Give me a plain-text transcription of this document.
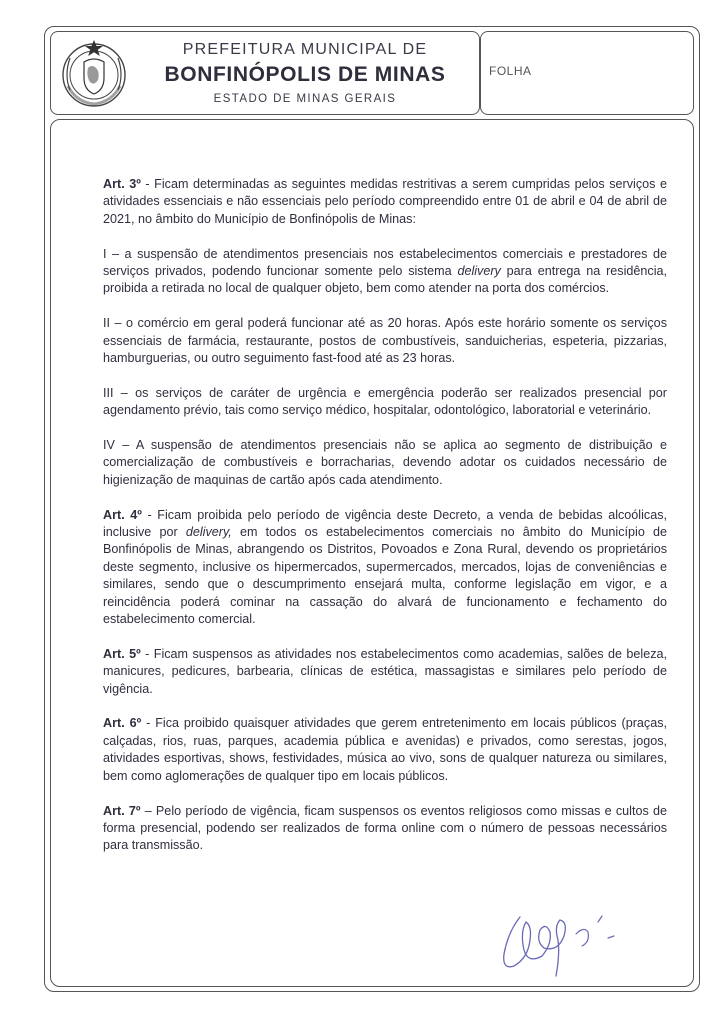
FOLHA
PREFEITURA MUNICIPAL DE
BONFINÓPOLIS DE MINAS
ESTADO DE MINAS GERAIS

Art. 3º - Ficam determinadas as seguintes medidas restritivas a serem cumpridas pelos serviços e atividades essenciais e não essenciais pelo período compreendido entre 01 de abril e 04 de abril de 2021, no âmbito do Município de Bonfinópolis de Minas:

I – a suspensão de atendimentos presenciais nos estabelecimentos comerciais e prestadores de serviços privados, podendo funcionar somente pelo sistema delivery para entrega na residência, proibida a retirada no local de qualquer objeto, bem como atender na porta dos comércios.

II – o comércio em geral poderá funcionar até as 20 horas. Após este horário somente os serviços essenciais de farmácia, restaurante, postos de combustíveis, sanduicherias, espeteria, pizzarias, hamburguerias, ou outro seguimento fast-food até as 23 horas.

III – os serviços de caráter de urgência e emergência poderão ser realizados presencial por agendamento prévio, tais como serviço médico, hospitalar, odontológico, laboratorial e veterinário.

IV – A suspensão de atendimentos presenciais não se aplica ao segmento de distribuição e comercialização de combustíveis e borracharias, devendo adotar os cuidados necessário de higienização de maquinas de cartão após cada atendimento.

Art. 4º - Ficam proibida pelo período de vigência deste Decreto, a venda de bebidas alcoólicas, inclusive por delivery, em todos os estabelecimentos comerciais no âmbito do Município de Bonfinópolis de Minas, abrangendo os Distritos, Povoados e Zona Rural, devendo os proprietários deste segmento, inclusive os hipermercados, supermercados, mercados, lojas de conveniências e similares, sendo que o descumprimento ensejará multa, conforme legislação em vigor, e a reincidência poderá cominar na cassação do alvará de funcionamento e fechamento do estabelecimento comercial.

Art. 5º - Ficam suspensos as atividades nos estabelecimentos como academias, salões de beleza, manicures, pedicures, barbearia, clínicas de estética, massagistas e similares pelo período de vigência.

Art. 6º - Fica proibido quaisquer atividades que gerem entretenimento em locais públicos (praças, calçadas, rios, ruas, parques, academia pública e avenidas) e privados, como serestas, jogos, atividades esportivas, shows, festividades, música ao vivo, sons de qualquer natureza ou similares, bem como aglomerações de qualquer tipo em locais públicos.

Art. 7º – Pelo período de vigência, ficam suspensos os eventos religiosos como missas e cultos de forma presencial, podendo ser realizados de forma online com o número de pessoas necessários para transmissão.
